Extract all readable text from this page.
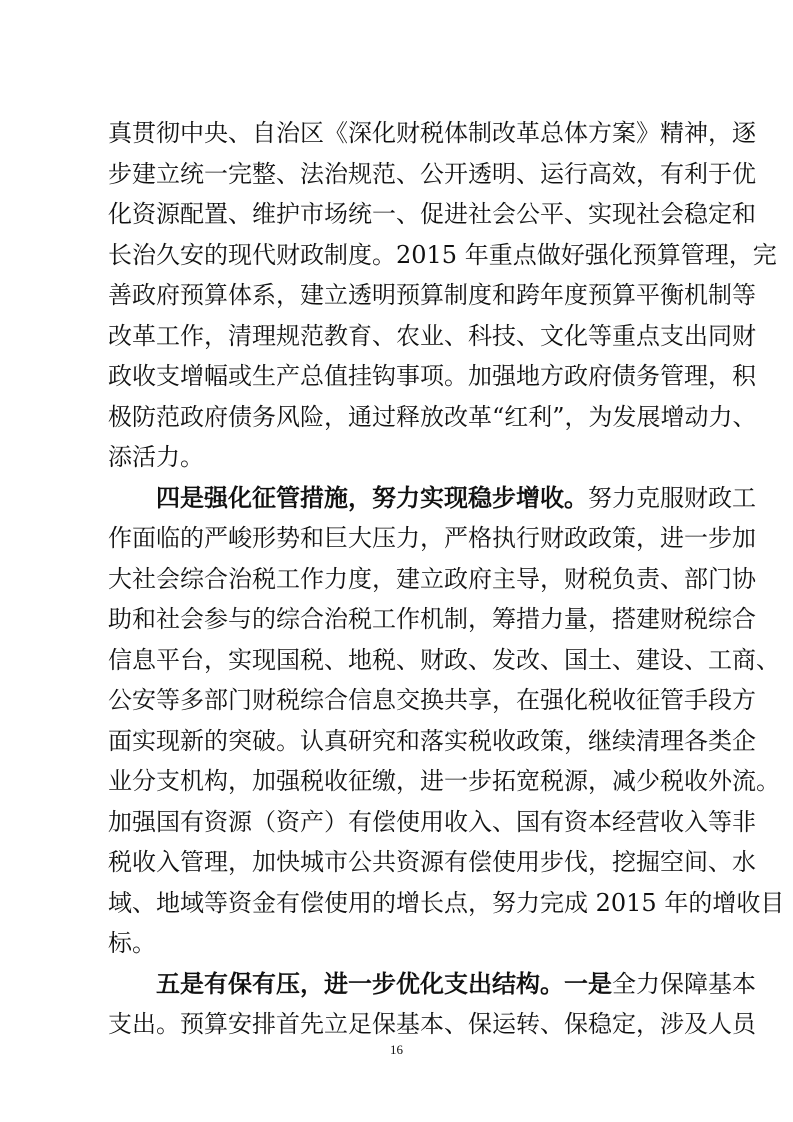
真贯彻中央、自治区《深化财税体制改革总体方案》精神，逐
步建立统一完整、法治规范、公开透明、运行高效，有利于优
化资源配置、维护市场统一、促进社会公平、实现社会稳定和
长治久安的现代财政制度。2015 年重点做好强化预算管理，完
善政府预算体系，建立透明预算制度和跨年度预算平衡机制等
改革工作，清理规范教育、农业、科技、文化等重点支出同财
政收支增幅或生产总值挂钩事项。加强地方政府债务管理，积
极防范政府债务风险，通过释放改革“红利”，为发展增动力、
添活力。
四是强化征管措施，努力实现稳步增收。努力克服财政工
作面临的严峻形势和巨大压力，严格执行财政政策，进一步加
大社会综合治税工作力度，建立政府主导，财税负责、部门协
助和社会参与的综合治税工作机制，筹措力量，搭建财税综合
信息平台，实现国税、地税、财政、发改、国土、建设、工商、
公安等多部门财税综合信息交换共享，在强化税收征管手段方
面实现新的突破。认真研究和落实税收政策，继续清理各类企
业分支机构，加强税收征缴，进一步拓宽税源，减少税收外流。
加强国有资源（资产）有偿使用收入、国有资本经营收入等非
税收入管理，加快城市公共资源有偿使用步伐，挖掘空间、水
域、地域等资金有偿使用的增长点，努力完成 2015 年的增收目
标。
五是有保有压，进一步优化支出结构。一是全力保障基本
支出。预算安排首先立足保基本、保运转、保稳定，涉及人员
16
